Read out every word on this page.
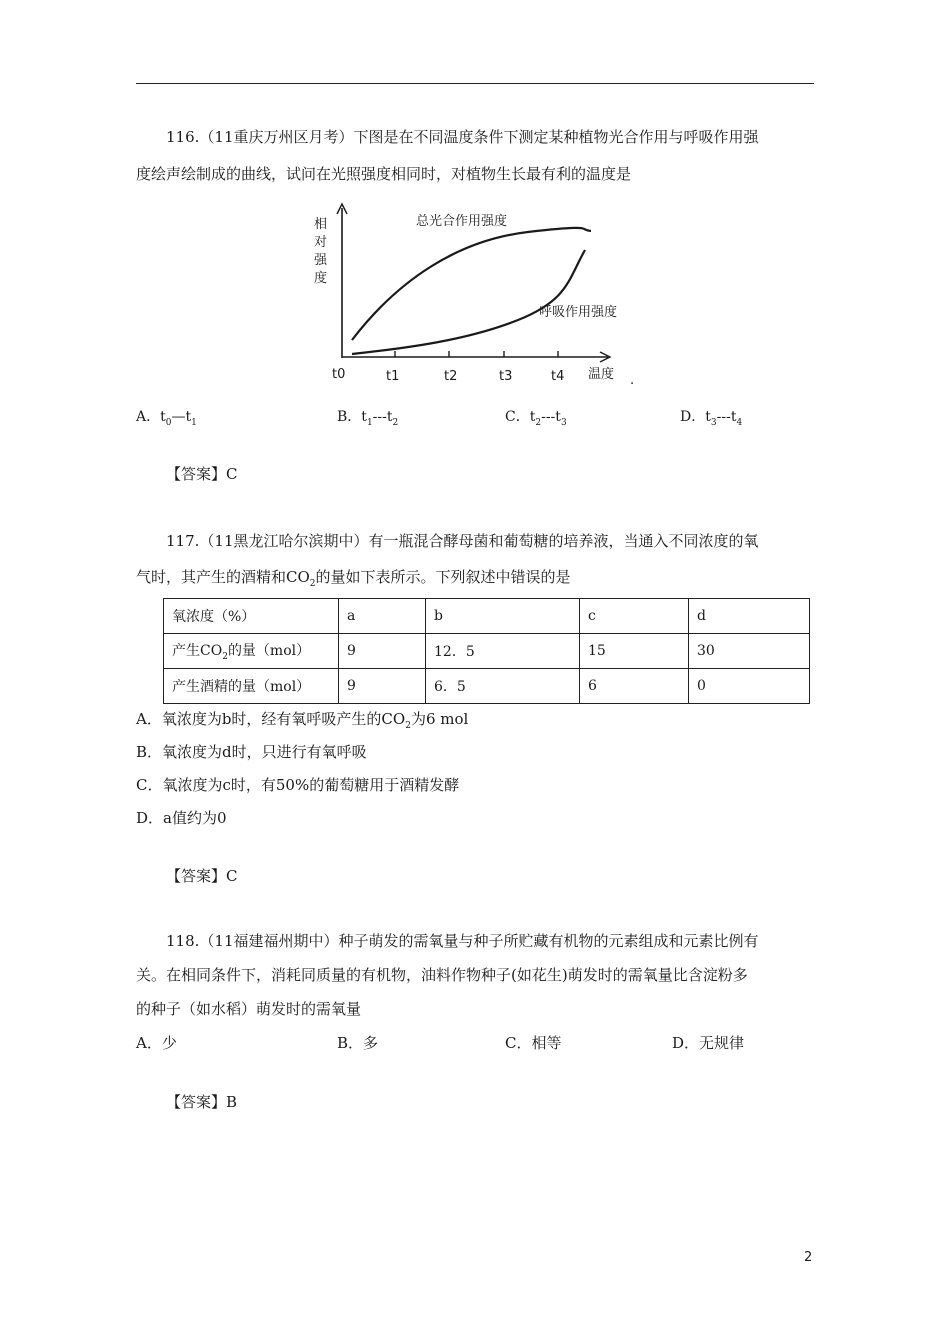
116.（11重庆万州区月考）下图是在不同温度条件下测定某种植物光合作用与呼吸作用强
度绘声绘制成的曲线，试问在光照强度相同时，对植物生长最有利的温度是
相
对
强
度
总光合作用强度
呼吸作用强度
t0	t1	t2	t3	t4 温度 .
A．$t_0—t_1$	B．$t_1---t_2$	C．$t_2---t_3$	D．$t_3---t_4$
【答案】C
117.（11黑龙江哈尔滨期中）有一瓶混合酵母菌和葡萄糖的培养液，当通入不同浓度的氧
气时，其产生的酒精和$CO_2$的量如下表所示。下列叙述中错误的是
氧浓度（%）	a	b	c	d
产生$CO_2$的量（mol）	9	12．5	15	30
产生酒精的量（mol）	9	6．5	6	0
A．氧浓度为b时，经有氧呼吸产生的$CO_2$为6 mol
B．氧浓度为d时，只进行有氧呼吸
C．氧浓度为c时，有50%的葡萄糖用于酒精发酵
D．a值约为0
【答案】C
118.（11福建福州期中）种子萌发的需氧量与种子所贮藏有机物的元素组成和元素比例有
关。在相同条件下，消耗同质量的有机物，油料作物种子(如花生)萌发时的需氧量比含淀粉多
的种子（如水稻）萌发时的需氧量
A．少	B．多	C．相等	D．无规律
【答案】B
2
